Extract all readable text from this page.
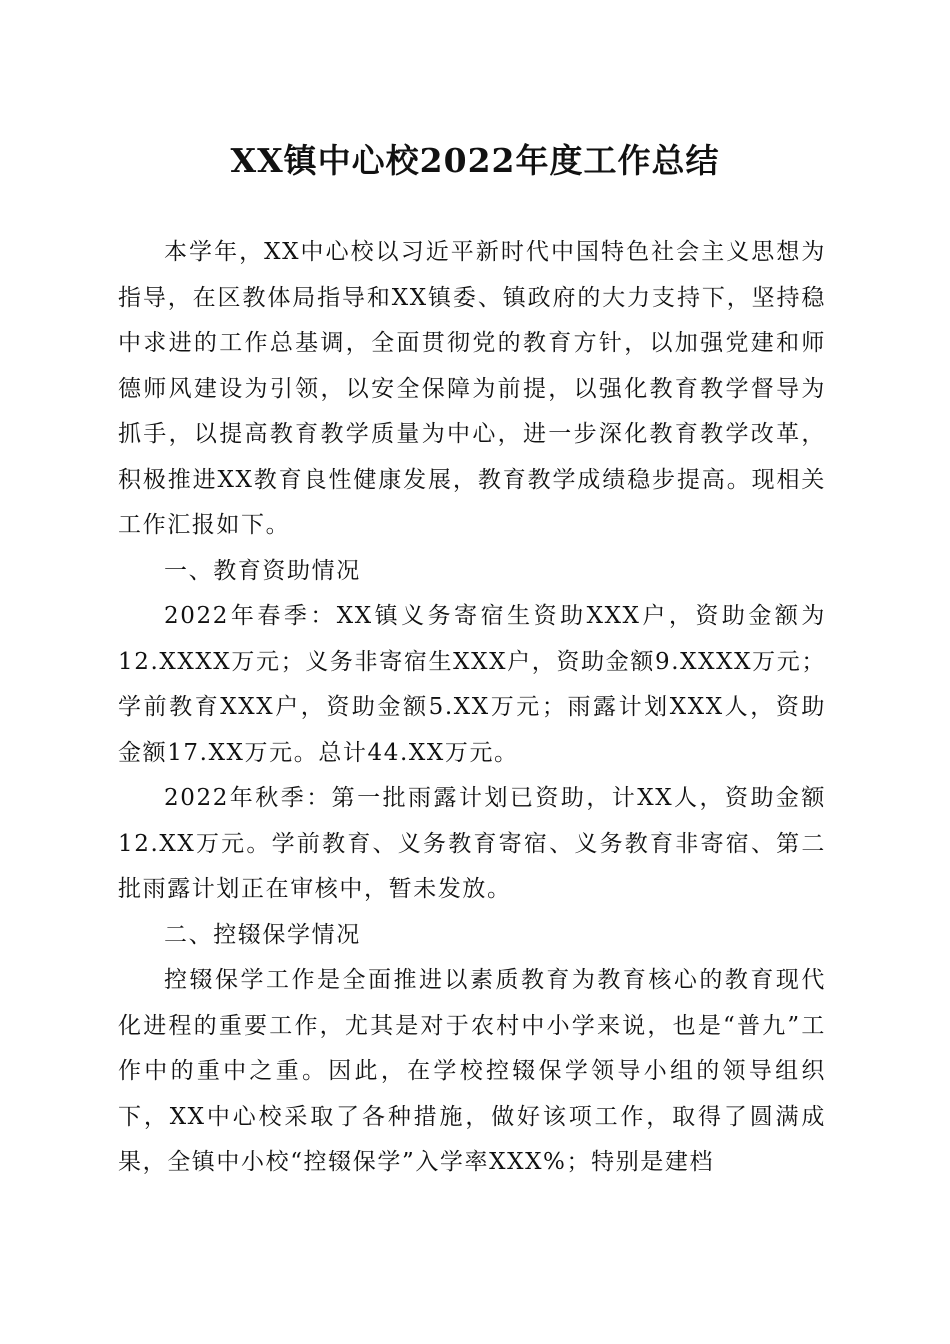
XX镇中心校2022年度工作总结

本学年，XX中心校以习近平新时代中国特色社会主义思想为指导，在区教体局指导和XX镇委、镇政府的大力支持下，坚持稳中求进的工作总基调，全面贯彻党的教育方针，以加强党建和师德师风建设为引领，以安全保障为前提，以强化教育教学督导为抓手，以提高教育教学质量为中心，进一步深化教育教学改革，积极推进XX教育良性健康发展，教育教学成绩稳步提高。现相关工作汇报如下。

一、教育资助情况

2022年春季：XX镇义务寄宿生资助XXX户，资助金额为12.XXXX万元；义务非寄宿生XXX户，资助金额9.XXXX万元；学前教育XXX户，资助金额5.XX万元；雨露计划XXX人，资助金额17.XX万元。总计44.XX万元。

2022年秋季：第一批雨露计划已资助，计XX人，资助金额12.XX万元。学前教育、义务教育寄宿、义务教育非寄宿、第二批雨露计划正在审核中，暂未发放。

二、控辍保学情况

控辍保学工作是全面推进以素质教育为教育核心的教育现代化进程的重要工作，尤其是对于农村中小学来说，也是“普九”工作中的重中之重。因此，在学校控辍保学领导小组的领导组织下，XX中心校采取了各种措施，做好该项工作，取得了圆满成果，全镇中小校“控辍保学”入学率XXX%；特别是建档
